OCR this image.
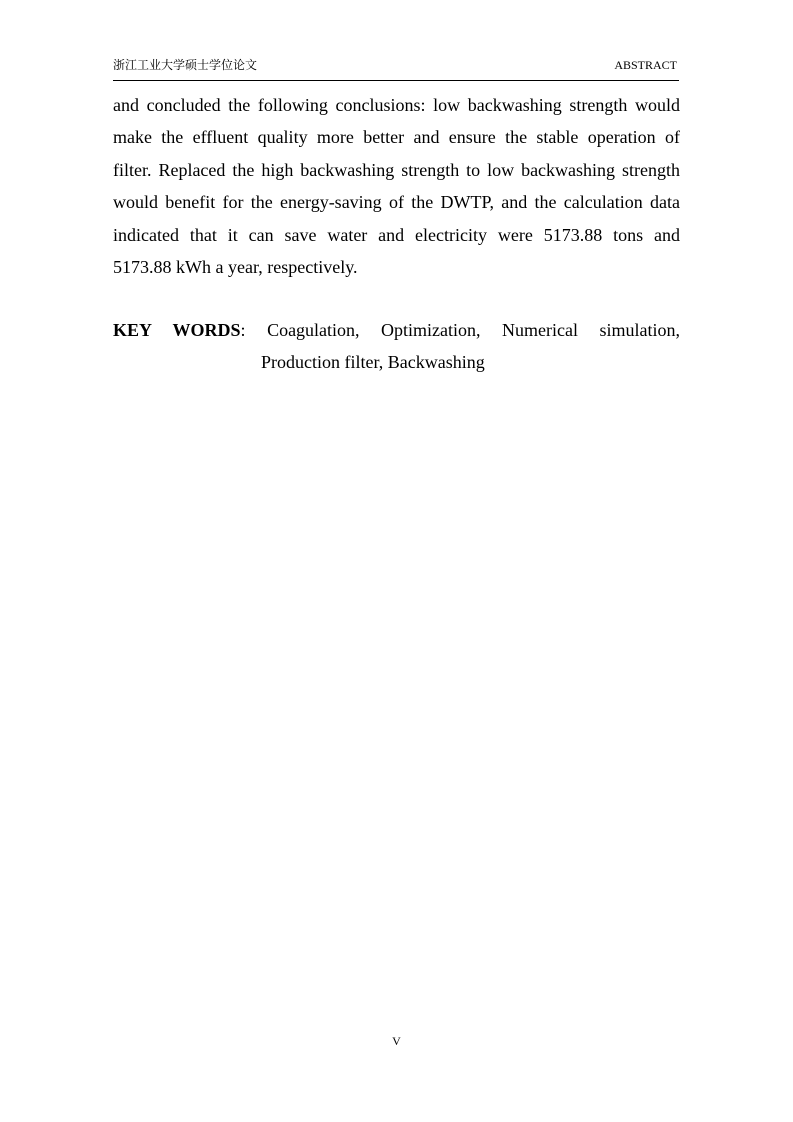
浙江工业大学硕士学位论文	ABSTRACT
and concluded the following conclusions: low backwashing strength would
make the effluent quality more better and ensure the stable operation of
filter. Replaced the high backwashing strength to low backwashing strength
would benefit for the energy-saving of the DWTP, and the calculation data
indicated that it can save water and electricity were 5173.88 tons and
5173.88 kWh a year, respectively.
KEY WORDS: Coagulation, Optimization, Numerical simulation,
Production filter, Backwashing
V
